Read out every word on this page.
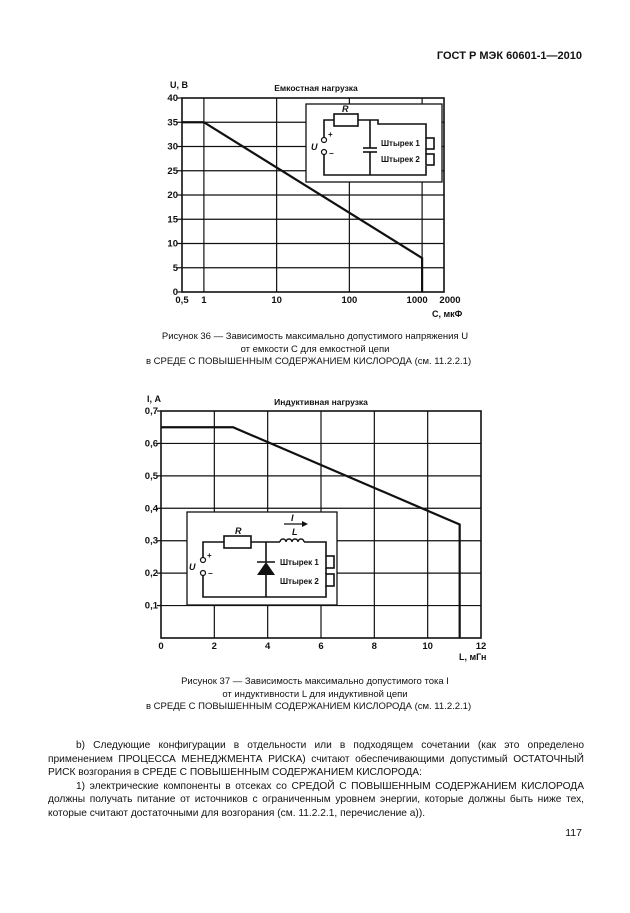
ГОСТ Р МЭК 60601-1—2010
Емкостная нагрузка
U, В
C, мкФ
0
5
10
15
20
25
30
35
40
0,5 1	10	100	1000 2000
+
−
U
R
Штырек 1
Штырек 2
Индуктивная нагрузка
I, А
L, мГн
0,1
0,2
0,3
0,4
0,5
0,6
0,7
0	2	4	6	8	10	12
+
−
U
R
I
L
Штырек 1
Штырек 2
Рисунок 36 — Зависимость максимально допустимого напряжения U
от емкости C для емкостной цепи
в СРЕДЕ С ПОВЫШЕННЫМ СОДЕРЖАНИЕМ КИСЛОРОДА (см. 11.2.2.1)
Рисунок 37 — Зависимость максимально допустимого тока I
от индуктивности L для индуктивной цепи
в СРЕДЕ С ПОВЫШЕННЫМ СОДЕРЖАНИЕМ КИСЛОРОДА (см. 11.2.2.1)

b) Следующие конфигурации в отдельности или в подходящем сочетании (как это определено применением ПРОЦЕССА МЕНЕДЖМЕНТА РИСКА) считают обеспечивающими допустимый ОСТАТОЧНЫЙ РИСК возгорания в СРЕДЕ С ПОВЫШЕННЫМ СОДЕРЖАНИЕМ КИСЛОРОДА:

1) электрические компоненты в отсеках со СРЕДОЙ С ПОВЫШЕННЫМ СОДЕРЖАНИЕМ КИСЛОРОДА должны получать питание от источников с ограниченным уровнем энергии, которые должны быть ниже тех, которые считают достаточными для возгорания (см. 11.2.2.1, перечисление а)).

117
